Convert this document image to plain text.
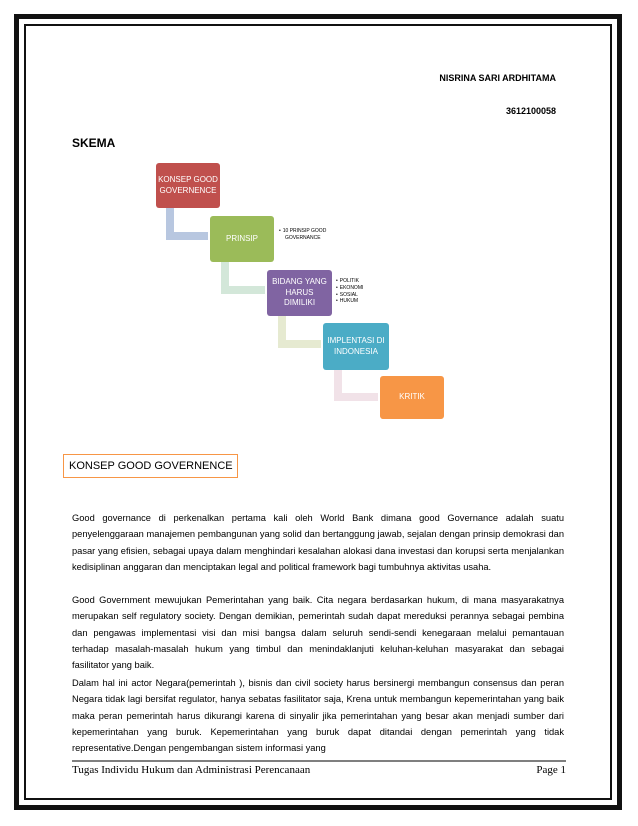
NISRINA SARI ARDHITAMA
3612100058
SKEMA
KONSEP GOOD GOVERNENCE
PRINSIP
BIDANG YANG HARUS DIMILIKI
IMPLENTASI DI INDONESIA
KRITIK
• 10 PRINSIP GOOD GOVERNANCE
• POLITIK
• EKONOMI
• SOSIAL
• HUKUM
KONSEP GOOD GOVERNENCE

Good governance di perkenalkan pertama kali oleh World Bank dimana good Governance adalah suatu penyelenggaraan manajemen pembangunan yang solid dan bertanggung jawab, sejalan dengan prinsip demokrasi dan pasar yang efisien, sebagai upaya dalam menghindari kesalahan alokasi dana investasi dan korupsi serta menjalankan kedisiplinan anggaran dan menciptakan legal and political framework bagi tumbuhnya aktivitas usaha.

Good Government mewujukan Pemerintahan yang baik. Cita negara berdasarkan hukum, di mana masyarakatnya merupakan self regulatory society. Dengan demikian, pemerintah sudah dapat mereduksi perannya sebagai pembina dan pengawas implementasi visi dan misi bangsa dalam seluruh sendi-sendi kenegaraan melalui pemantauan terhadap masalah-masalah hukum yang timbul dan menindaklanjuti keluhan-keluhan masyarakat dan sebagai fasilitator yang baik.

Dalam hal ini actor Negara(pemerintah ), bisnis dan civil society harus bersinergi membangun consensus dan peran Negara tidak lagi bersifat regulator, hanya sebatas fasilitator saja, Krena untuk membangun kepemerintahan yang baik maka peran pemerintah harus dikurangi karena di sinyalir jika pemerintahan yang besar akan menjadi sumber dari kepemerintahan yang buruk. Kepemerintahan yang buruk dapat ditandai dengan pemerintah yang tidak representative.Dengan pengembangan sistem informasi yang

Tugas Individu Hukum dan Administrasi Perencanaan	Page 1
